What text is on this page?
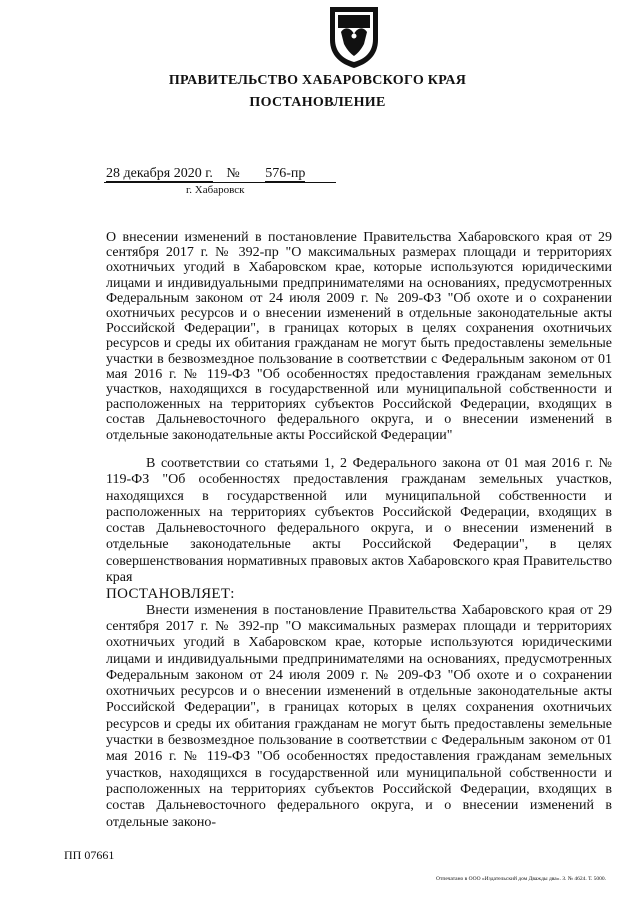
ПРАВИТЕЛЬСТВО ХАБАРОВСКОГО КРАЯ
ПОСТАНОВЛЕНИЕ
28 декабря 2020 г. № 576-пр
г. Хабаровск
О внесении изменений в постановление Правительства Хабаровского края от 29 сентября 2017 г. № 392-пр "О максимальных размерах площади и территориях охотничьих угодий в Хабаровском крае, которые используются юридическими лицами и индивидуальными предпринимателями на основаниях, предусмотренных Федеральным законом от 24 июля 2009 г. № 209-ФЗ "Об охоте и о сохранении охотничьих ресурсов и о внесении изменений в отдельные законодательные акты Российской Федерации", в границах которых в целях сохранения охотничьих ресурсов и среды их обитания гражданам не могут быть предоставлены земельные участки в безвозмездное пользование в соответствии с Федеральным законом от 01 мая 2016 г. № 119-ФЗ "Об особенностях предоставления гражданам земельных участков, находящихся в государственной или муниципальной собственности и расположенных на территориях субъектов Российской Федерации, входящих в состав Дальневосточного федерального округа, и о внесении изменений в отдельные законодательные акты Российской Федерации"

В соответствии со статьями 1, 2 Федерального закона от 01 мая 2016 г. № 119-ФЗ "Об особенностях предоставления гражданам земельных участков, находящихся в государственной или муниципальной собственности и расположенных на территориях субъектов Российской Федерации, входящих в состав Дальневосточного федерального округа, и о внесении изменений в отдельные законодательные акты Российской Федерации", в целях совершенствования нормативных правовых актов Хабаровского края Правительство края

ПОСТАНОВЛЯЕТ:

Внести изменения в постановление Правительства Хабаровского края от 29 сентября 2017 г. № 392-пр "О максимальных размерах площади и территориях охотничьих угодий в Хабаровском крае, которые используются юридическими лицами и индивидуальными предпринимателями на основаниях, предусмотренных Федеральным законом от 24 июля 2009 г. № 209-ФЗ "Об охоте и о сохранении охотничьих ресурсов и о внесении изменений в отдельные законодательные акты Российской Федерации", в границах которых в целях сохранения охотничьих ресурсов и среды их обитания гражданам не могут быть предоставлены земельные участки в безвозмездное пользование в соответствии с Федеральным законом от 01 мая 2016 г. № 119-ФЗ "Об особенностях предоставления гражданам земельных участков, находящихся в государственной или муниципальной собственности и расположенных на территориях субъектов Российской Федерации, входящих в состав Дальневосточного федерального округа, и о внесении изменений в отдельные законо-

ПП 07661
Отпечатано в ООО «Издательский дом Дважды два». З. № 4624. Т. 5000.
